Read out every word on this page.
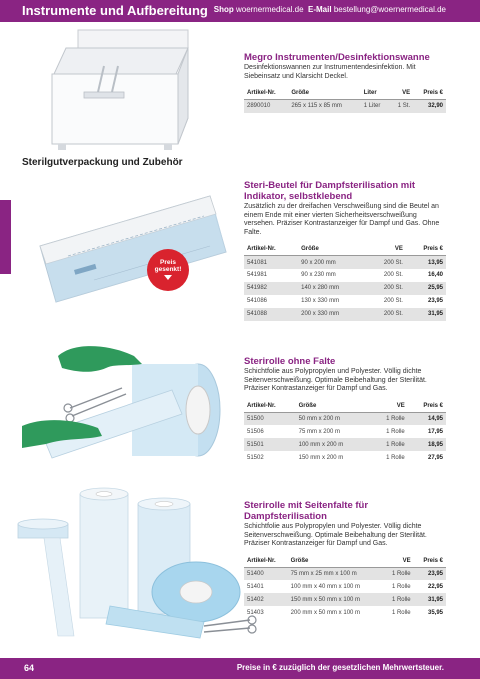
Instrumente und Aufbereitung Shop woernermedical.de E-Mail bestellung@woernermedical.de
Megro Instrumenten/Desinfektionswanne

Desinfektionswannen zur Instrumentendesinfektion. Mit Siebeinsatz und Klarsicht Deckel.

Artikel-Nr.	Größe	Liter	VE	Preis €
2890010	265 x 115 x 85 mm	1 Liter	1 St.	32,90
Sterilgutverpackung und Zubehör
Preis
gesenkt!
Steri-Beutel für Dampfsterilisation mit Indikator, selbstklebend

Zusätzlich zu der dreifachen Verschweißung sind die Beutel an einem Ende mit einer vierten Sicherheitsverschweißung versehen. Präziser Kontrastanzeiger für Dampf und Gas. Ohne Falte.

Artikel-Nr.	Größe	VE	Preis €
541081	90 x 200 mm	200 St.	13,95
541981	90 x 230 mm	200 St.	16,40
541982	140 x 280 mm	200 St.	25,95
541086	130 x 330 mm	200 St.	23,95
541088	200 x 330 mm	200 St.	31,95
Sterirolle ohne Falte

Schichtfolie aus Polypropylen und Polyester. Völlig dichte Seitenverschweißung. Optimale Beibehaltung der Sterilität. Präziser Kontrastanzeiger für Dampf und Gas.

Artikel-Nr.	Größe	VE	Preis €
51500	50 mm x 200 m	1 Rolle	14,95
51506	75 mm x 200 m	1 Rolle	17,95
51501	100 mm x 200 m	1 Rolle	18,95
51502	150 mm x 200 m	1 Rolle	27,95
Sterirolle mit Seitenfalte für Dampfsterilisation

Schichtfolie aus Polypropylen und Polyester. Völlig dichte Seitenverschweißung. Optimale Beibehaltung der Sterilität. Präziser Kontrastanzeiger für Dampf und Gas.

Artikel-Nr.	Größe	VE	Preis €
51400	75 mm x 25 mm x 100 m	1 Rolle	23,95
51401	100 mm x 40 mm x 100 m	1 Rolle	22,95
51402	150 mm x 50 mm x 100 m	1 Rolle	31,95
51403	200 mm x 50 mm x 100 m	1 Rolle	35,95
64	Preise in € zuzüglich der gesetzlichen Mehrwertsteuer.
